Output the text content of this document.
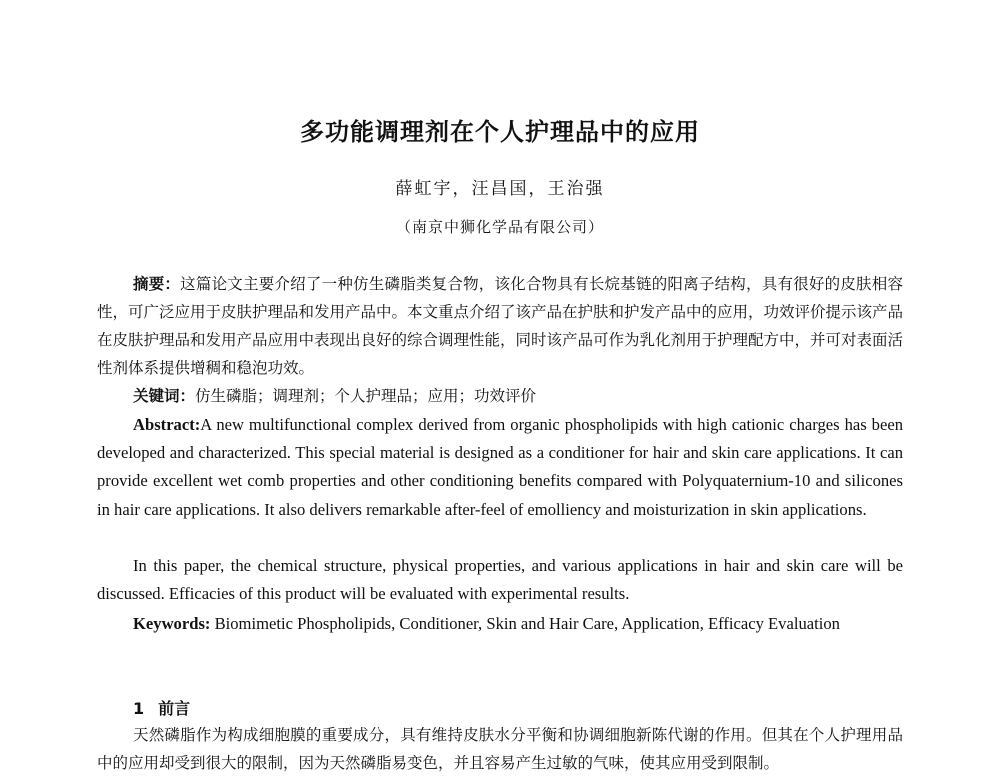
多功能调理剂在个人护理品中的应用
薛虹宇，汪昌国，王治强
（南京中狮化学品有限公司）

摘要：这篇论文主要介绍了一种仿生磷脂类复合物，该化合物具有长烷基链的阳离子结构，具有很好的皮肤相容性，可广泛应用于皮肤护理品和发用产品中。本文重点介绍了该产品在护肤和护发产品中的应用，功效评价提示该产品在皮肤护理品和发用产品应用中表现出良好的综合调理性能，同时该产品可作为乳化剂用于护理配方中，并可对表面活性剂体系提供增稠和稳泡功效。

关键词：仿生磷脂；调理剂；个人护理品；应用；功效评价

Abstract:A new multifunctional complex derived from organic phospholipids with high cationic charges has been developed and characterized. This special material is designed as a conditioner for hair and skin care applications. It can provide excellent wet comb properties and other conditioning benefits compared with Polyquaternium-10 and silicones in hair care applications. It also delivers remarkable after-feel of emolliency and moisturization in skin applications.

In this paper, the chemical structure, physical properties, and various applications in hair and skin care will be discussed. Efficacies of this product will be evaluated with experimental results.

Keywords: Biomimetic Phospholipids, Conditioner, Skin and Hair Care, Application, Efficacy Evaluation

1 前言

天然磷脂作为构成细胞膜的重要成分，具有维持皮肤水分平衡和协调细胞新陈代谢的作用。但其在个人护理用品中的应用却受到很大的限制，因为天然磷脂易变色，并且容易产生过敏的气味，使其应用受到限制。
